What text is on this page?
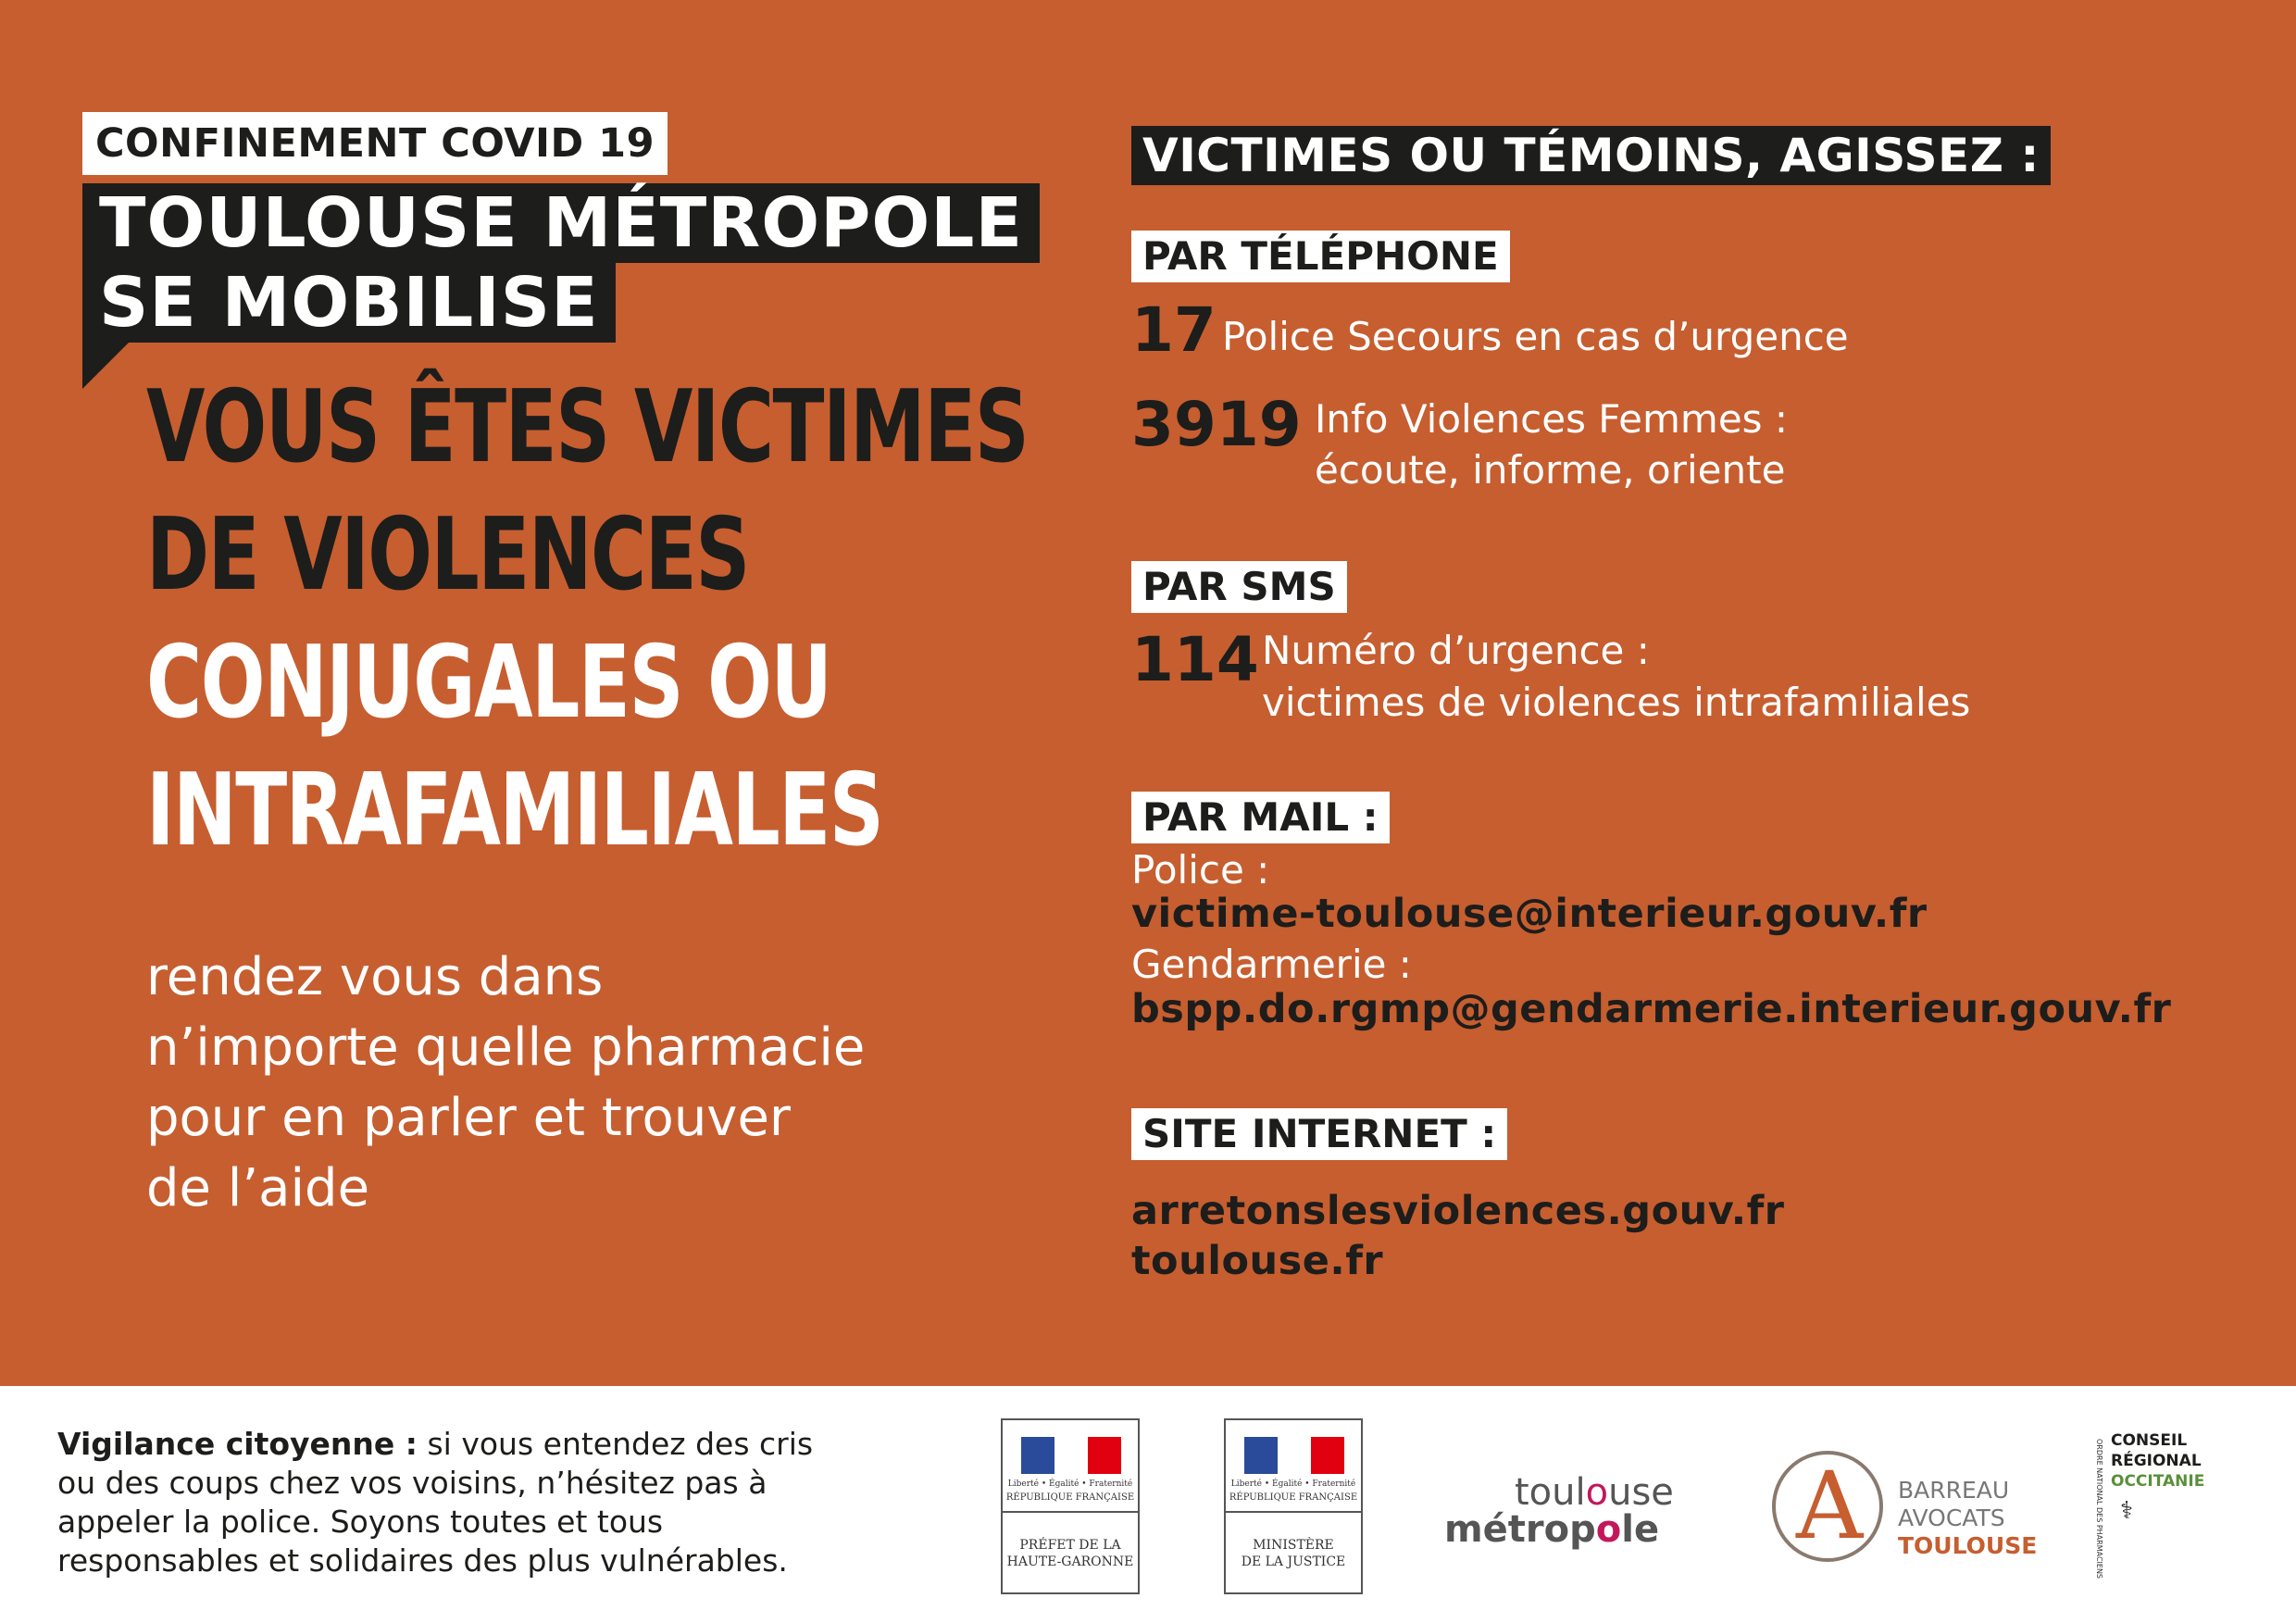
CONFINEMENT COVID 19
TOULOUSE MÉTROPOLE
SE MOBILISE
VOUS ÊTES VICTIMES
DE VIOLENCES
CONJUGALES OU
INTRAFAMILIALES
rendez vous dans
n’importe quelle pharmacie
pour en parler et trouver
de l’aide
VICTIMES OU TÉMOINS, AGISSEZ :
PAR TÉLÉPHONE
17 Police Secours en cas d’urgence
3919 Info Violences Femmes :
écoute, informe, oriente
PAR SMS
114 Numéro d’urgence :
victimes de violences intrafamiliales
PAR MAIL :
Police :
victime-toulouse@interieur.gouv.fr
Gendarmerie :
bspp.do.rgmp@gendarmerie.interieur.gouv.fr
SITE INTERNET :
arretonslesviolences.gouv.fr
toulouse.fr
Vigilance citoyenne : si vous entendez des cris ou des coups chez vos voisins, n’hésitez pas à appeler la police. Soyons toutes et tous responsables et solidaires des plus vulnérables.
Liberté • Égalité • Fraternité
RÉPUBLIQUE FRANÇAISE
PRÉFET DE LA
HAUTE-GARONNE
Liberté • Égalité • Fraternité
RÉPUBLIQUE FRANÇAISE
MINISTÈRE
DE LA JUSTICE
toulouse
métropole A BARREAU
AVOCATS
TOULOUSE	ORDRE NATIONAL DES PHARMACIENS CONSEIL
RÉGIONAL
OCCITANIE
⚕
